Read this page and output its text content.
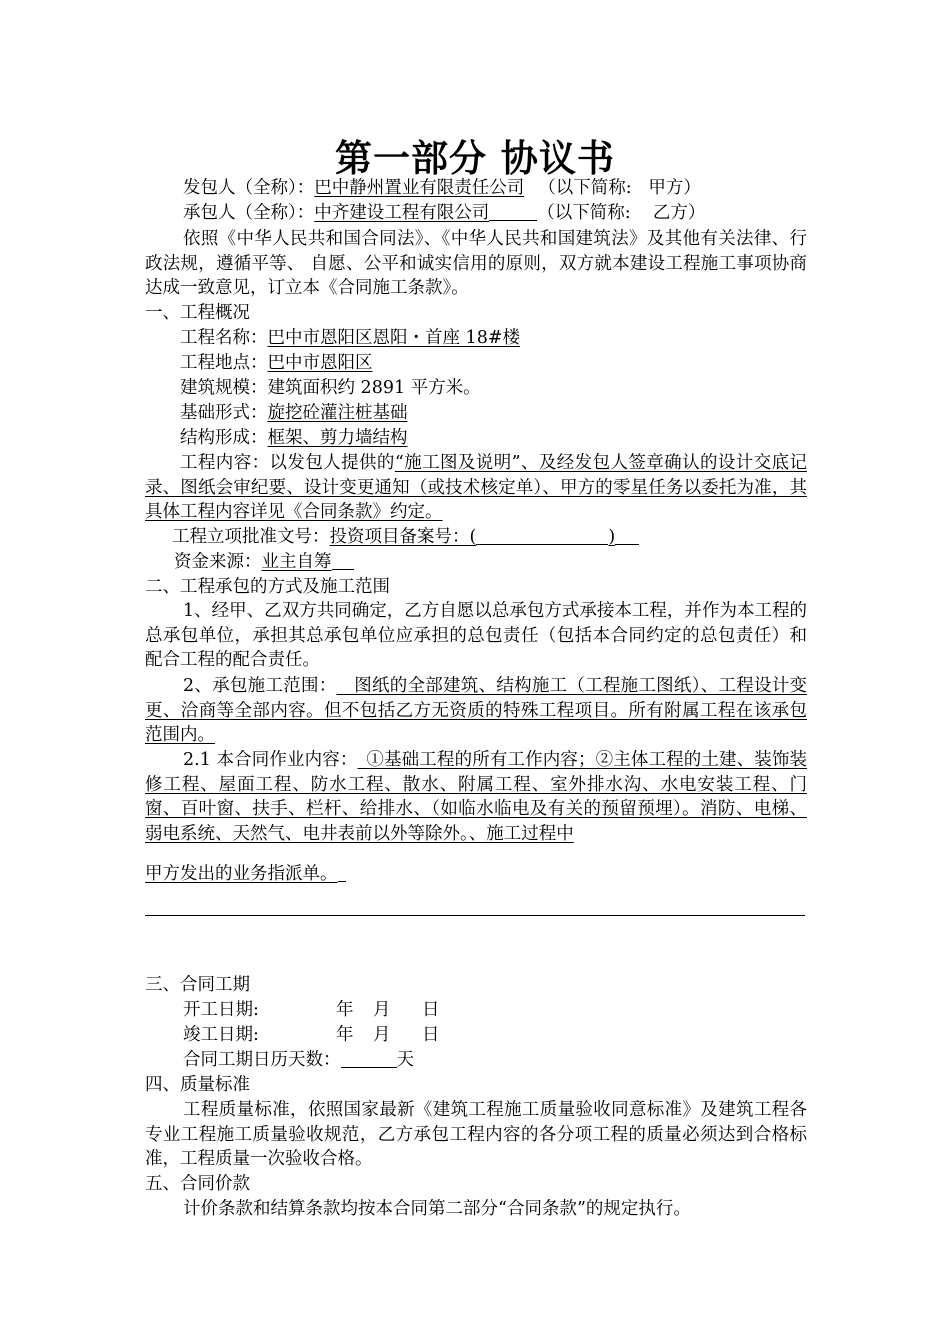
第一部分 协议书
发包人（全称）：巴中静州置业有限责任公司 （以下简称:   甲方）
承包人（全称）：中齐建设工程有限公司	（以下简称:    乙方）
依照《中华人民共和国合同法》、《中华人民共和国建筑法》及其他有关法律、行政法规，遵循平等、 自愿、公平和诚实信用的原则，双方就本建设工程施工事项协商达成一致意见，订立本《合同施工条款》。
一、工程概况
工程名称：巴中市恩阳区恩阳・首座 18#楼
工程地点：巴中市恩阳区
建筑规模：建筑面积约 2891 平方米。
基础形式：旋挖砼灌注桩基础
结构形成：框架、剪力墙结构
工程内容：以发包人提供的“施工图及说明”、及经发包人签章确认的设计交底记录、图纸会审纪要、设计变更通知（或技术核定单）、甲方的零星任务以委托为准，其具体工程内容详见《合同条款》约定。
工程立项批准文号：投资项目备案号：(	)
资金来源：业主自筹
二、工程承包的方式及施工范围
1、经甲、乙双方共同确定，乙方自愿以总承包方式承接本工程，并作为本工程的总承包单位，承担其总承包单位应承担的总包责任（包括本合同约定的总包责任）和配合工程的配合责任。
2、承包施工范围：  图纸的全部建筑、结构施工（工程施工图纸）、工程设计变更、洽商等全部内容。但不包括乙方无资质的特殊工程项目。所有附属工程在该承包范围内。
2.1 本合同作业内容：  ①基础工程的所有工作内容；②主体工程的土建、装饰装修工程、屋面工程、防水工程、散水、附属工程、室外排水沟、水电安装工程、门窗、百叶窗、扶手、栏杆、给排水、（如临水临电及有关的预留预埋）。消防、电梯、弱电系统、天然气、电井表前以外等除外。、施工过程中
甲方发出的业务指派单。
三、合同工期
开工日期:	年 月 日
竣工日期:	年 月 日
合同工期日历天数：	天
四、质量标准
工程质量标准，依照国家最新《建筑工程施工质量验收同意标准》及建筑工程各专业工程施工质量验收规范，乙方承包工程内容的各分项工程的质量必须达到合格标准，工程质量一次验收合格。
五、合同价款
计价条款和结算条款均按本合同第二部分“合同条款”的规定执行。
